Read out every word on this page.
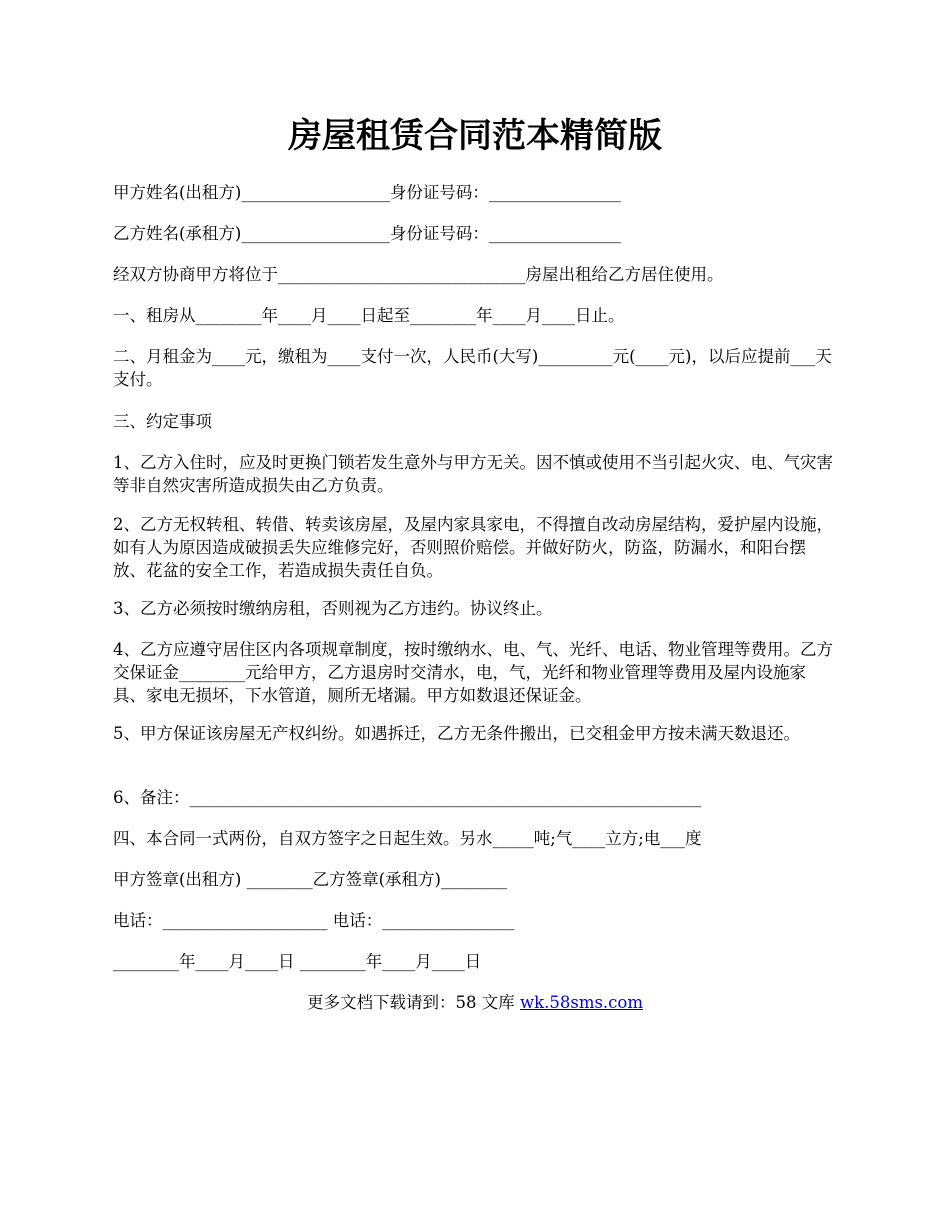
房屋租赁合同范本精简版

甲方姓名(出租方)__________________身份证号码：________________

乙方姓名(承租方)__________________身份证号码：________________

经双方协商甲方将位于______________________________房屋出租给乙方居住使用。

一、租房从________年____月____日起至________年____月____日止。

二、月租金为____元，缴租为____支付一次，人民币(大写)_________元(____元)，以后应提前___天支付。

三、约定事项

1、乙方入住时，应及时更换门锁若发生意外与甲方无关。因不慎或使用不当引起火灾、电、气灾害等非自然灾害所造成损失由乙方负责。

2、乙方无权转租、转借、转卖该房屋，及屋内家具家电，不得擅自改动房屋结构，爱护屋内设施，如有人为原因造成破损丢失应维修完好，否则照价赔偿。并做好防火，防盗，防漏水，和阳台摆放、花盆的安全工作，若造成损失责任自负。

3、乙方必须按时缴纳房租，否则视为乙方违约。协议终止。

4、乙方应遵守居住区内各项规章制度，按时缴纳水、电、气、光纤、电话、物业管理等费用。乙方交保证金________元给甲方，乙方退房时交清水，电，气，光纤和物业管理等费用及屋内设施家具、家电无损坏，下水管道，厕所无堵漏。甲方如数退还保证金。

5、甲方保证该房屋无产权纠纷。如遇拆迁，乙方无条件搬出，已交租金甲方按未满天数退还。

6、备注：______________________________________________________________

四、本合同一式两份，自双方签字之日起生效。另水_____吨;气____立方;电___度

甲方签章(出租方) ________乙方签章(承租方)________

电话：____________________ 电话：________________

________年____月____日 ________年____月____日

更多文档下载请到：58 文库 wk.58sms.com
